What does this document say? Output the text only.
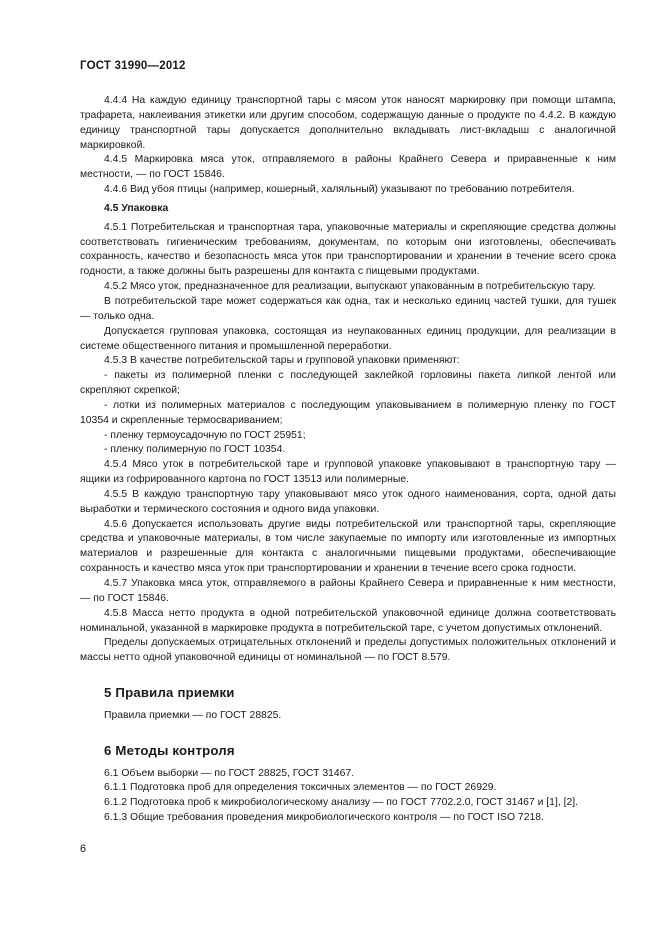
ГОСТ 31990—2012

4.4.4 На каждую единицу транспортной тары с мясом уток наносят маркировку при помощи штампа, трафарета, наклеивания этикетки или другим способом, содержащую данные о продукте по 4.4.2. В каждую единицу транспортной тары допускается дополнительно вкладывать лист-вкладыш с аналогичной маркировкой.

4.4.5 Маркировка мяса уток, отправляемого в районы Крайнего Севера и приравненные к ним местности, — по ГОСТ 15846.

4.4.6 Вид убоя птицы (например, кошерный, халяльный) указывают по требованию потребителя.

4.5 Упаковка

4.5.1 Потребительская и транспортная тара, упаковочные материалы и скрепляющие средства должны соответствовать гигиеническим требованиям, документам, по которым они изготовлены, обеспечивать сохранность, качество и безопасность мяса уток при транспортировании и хранении в течение всего срока годности, а также должны быть разрешены для контакта с пищевыми продуктами.

4.5.2 Мясо уток, предназначенное для реализации, выпускают упакованным в потребительскую тару.

В потребительской таре может содержаться как одна, так и несколько единиц частей тушки, для тушек — только одна.

Допускается групповая упаковка, состоящая из неупакованных единиц продукции, для реализации в системе общественного питания и промышленной переработки.

4.5.3 В качестве потребительской тары и групповой упаковки применяют:

- пакеты из полимерной пленки с последующей заклейкой горловины пакета липкой лентой или скрепляют скрепкой;

- лотки из полимерных материалов с последующим упаковыванием в полимерную пленку по ГОСТ 10354 и скрепленные термосвариванием;

- пленку термоусадочную по ГОСТ 25951;

- пленку полимерную по ГОСТ 10354.

4.5.4 Мясо уток в потребительской таре и групповой упаковке упаковывают в транспортную тару — ящики из гофрированного картона по ГОСТ 13513 или полимерные.

4.5.5 В каждую транспортную тару упаковывают мясо уток одного наименования, сорта, одной даты выработки и термического состояния и одного вида упаковки.

4.5.6 Допускается использовать другие виды потребительской или транспортной тары, скрепляющие средства и упаковочные материалы, в том числе закупаемые по импорту или изготовленные из импортных материалов и разрешенные для контакта с аналогичными пищевыми продуктами, обеспечивающие сохранность и качество мяса уток при транспортировании и хранении в течение всего срока годности.

4.5.7 Упаковка мяса уток, отправляемого в районы Крайнего Севера и приравненные к ним местности, — по ГОСТ 15846.

4.5.8 Масса нетто продукта в одной потребительской упаковочной единице должна соответствовать номинальной, указанной в маркировке продукта в потребительской таре, с учетом допустимых отклонений.

Пределы допускаемых отрицательных отклонений и пределы допустимых положительных отклонений и массы нетто одной упаковочной единицы от номинальной — по ГОСТ 8.579.

5 Правила приемки

Правила приемки — по ГОСТ 28825.

6 Методы контроля

6.1 Объем выборки — по ГОСТ 28825, ГОСТ 31467.

6.1.1 Подготовка проб для определения токсичных элементов — по ГОСТ 26929.

6.1.2 Подготовка проб к микробиологическому анализу — по ГОСТ 7702.2.0, ГОСТ 31467 и [1], [2].

6.1.3 Общие требования проведения микробиологического контроля — по ГОСТ ISO 7218.

6
